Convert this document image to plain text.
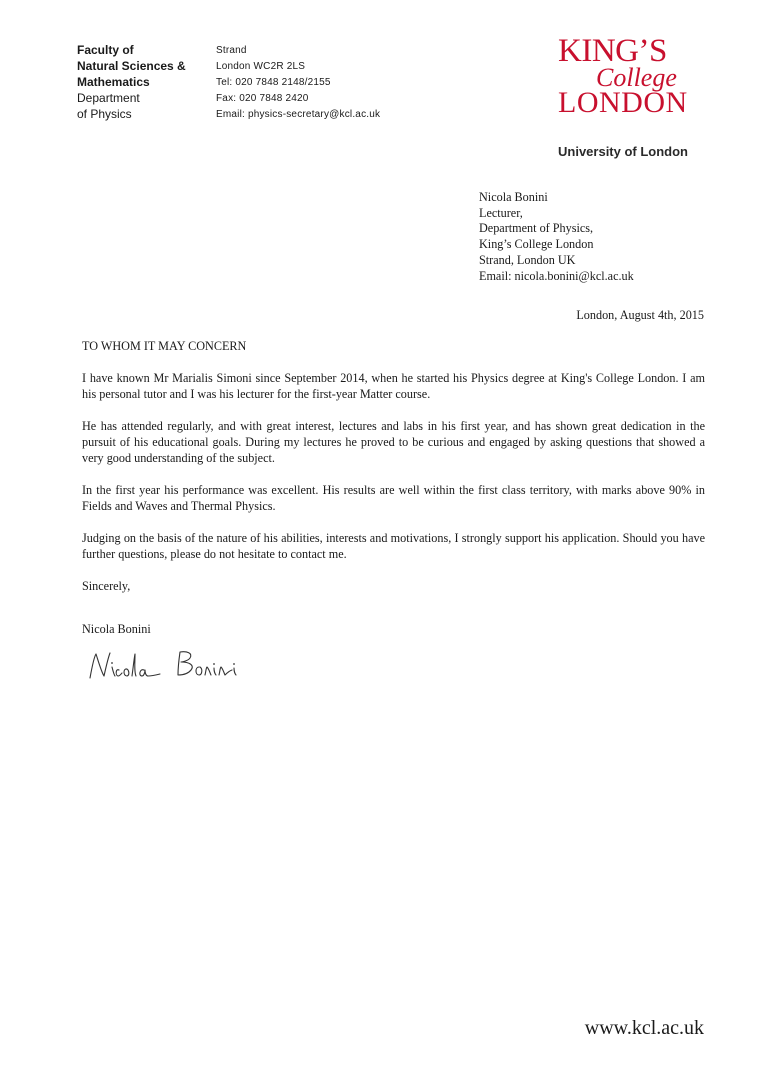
Faculty of
Natural Sciences &
Mathematics
Department
of Physics
Strand
London WC2R 2LS
Tel: 020 7848 2148/2155
Fax: 020 7848 2420
Email: physics-secretary@kcl.ac.uk
KING’S
College
LONDON
University of London
Nicola Bonini
Lecturer,
Department of Physics,
King’s College London
Strand, London UK
Email: nicola.bonini@kcl.ac.uk
London, August 4th, 2015

TO WHOM IT MAY CONCERN

I have known Mr Marialis Simoni since September 2014, when he started his Physics degree at King's College London. I am his personal tutor and I was his lecturer for the first-year Matter course.

He has attended regularly, and with great interest, lectures and labs in his first year, and has shown great dedication in the pursuit of his educational goals. During my lectures he proved to be curious and engaged by asking questions that showed a very good understanding of the subject.

In the first year his performance was excellent. His results are well within the first class territory, with marks above 90% in Fields and Waves and Thermal Physics.

Judging on the basis of the nature of his abilities, interests and motivations, I strongly support his application. Should you have further questions, please do not hesitate to contact me.

Sincerely,

Nicola Bonini

www.kcl.ac.uk
